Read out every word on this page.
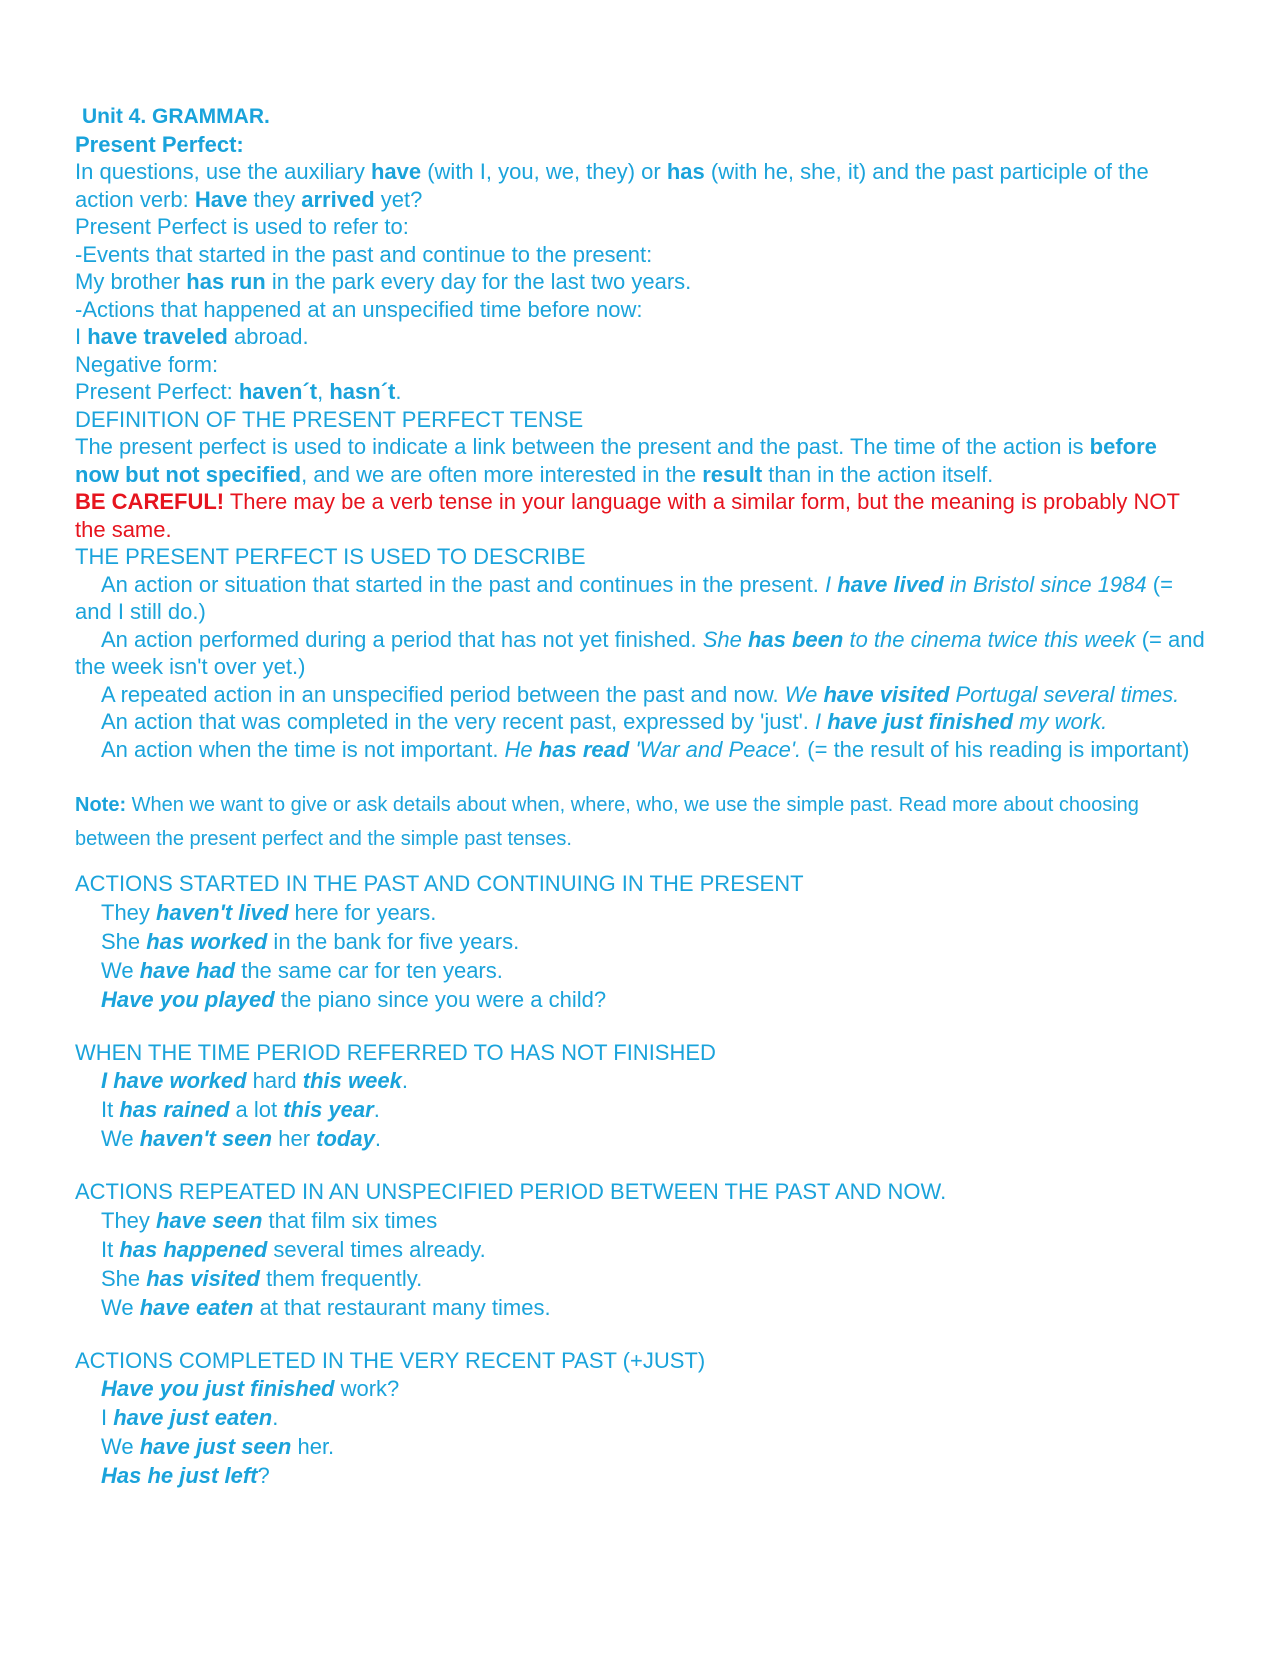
Unit 4. GRAMMAR.
Present Perfect:
In questions, use the auxiliary have (with I, you, we, they) or has (with he, she, it) and the past participle of the action verb: Have they arrived yet?
Present Perfect is used to refer to:
-Events that started in the past and continue to the present:
My brother has run in the park every day for the last two years.
-Actions that happened at an unspecified time before now:
I have traveled abroad.
Negative form:
Present Perfect: haven´t, hasn´t.
DEFINITION OF THE PRESENT PERFECT TENSE
The present perfect is used to indicate a link between the present and the past. The time of the action is before now but not specified, and we are often more interested in the result than in the action itself.
BE CAREFUL! There may be a verb tense in your language with a similar form, but the meaning is probably NOT the same.
THE PRESENT PERFECT IS USED TO DESCRIBE
An action or situation that started in the past and continues in the present. I have lived in Bristol since 1984 (= and I still do.)
An action performed during a period that has not yet finished. She has been to the cinema twice this week (= and the week isn't over yet.)
A repeated action in an unspecified period between the past and now. We have visited Portugal several times.
An action that was completed in the very recent past, expressed by 'just'. I have just finished my work.
An action when the time is not important. He has read 'War and Peace'. (= the result of his reading is important)
Note: When we want to give or ask details about when, where, who, we use the simple past. Read more about choosing between the present perfect and the simple past tenses.
ACTIONS STARTED IN THE PAST AND CONTINUING IN THE PRESENT
They haven't lived here for years.
She has worked in the bank for five years.
We have had the same car for ten years.
Have you played the piano since you were a child?
WHEN THE TIME PERIOD REFERRED TO HAS NOT FINISHED
I have worked hard this week.
It has rained a lot this year.
We haven't seen her today.
ACTIONS REPEATED IN AN UNSPECIFIED PERIOD BETWEEN THE PAST AND NOW.
They have seen that film six times
It has happened several times already.
She has visited them frequently.
We have eaten at that restaurant many times.
ACTIONS COMPLETED IN THE VERY RECENT PAST (+JUST)
Have you just finished work?
I have just eaten.
We have just seen her.
Has he just left?
